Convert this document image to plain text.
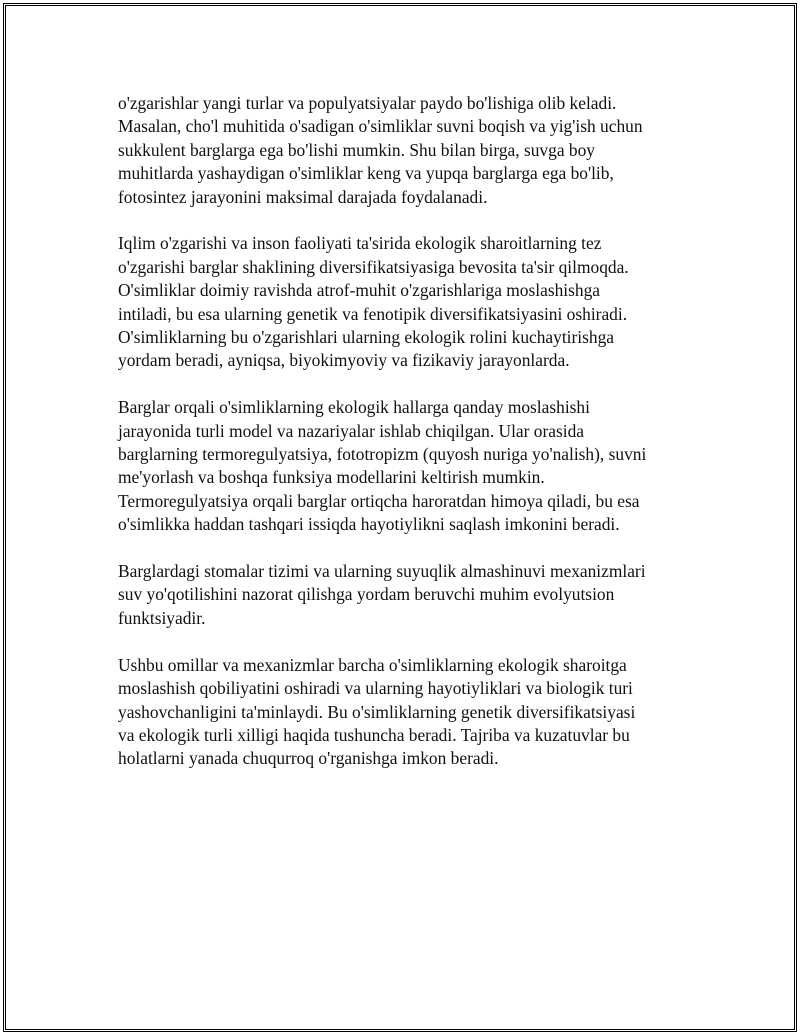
o'zgarishlar yangi turlar va populyatsiyalar paydo bo'lishiga olib keladi.
Masalan, cho'l muhitida o'sadigan o'simliklar suvni boqish va yig'ish uchun
sukkulent barglarga ega bo'lishi mumkin. Shu bilan birga, suvga boy
muhitlarda yashaydigan o'simliklar keng va yupqa barglarga ega bo'lib,
fotosintez jarayonini maksimal darajada foydalanadi.

Iqlim o'zgarishi va inson faoliyati ta'sirida ekologik sharoitlarning tez
o'zgarishi barglar shaklining diversifikatsiyasiga bevosita ta'sir qilmoqda.
O'simliklar doimiy ravishda atrof-muhit o'zgarishlariga moslashishga
intiladi, bu esa ularning genetik va fenotipik diversifikatsiyasini oshiradi.
O'simliklarning bu o'zgarishlari ularning ekologik rolini kuchaytirishga
yordam beradi, ayniqsa, biyokimyoviy va fizikaviy jarayonlarda.

Barglar orqali o'simliklarning ekologik hallarga qanday moslashishi
jarayonida turli model va nazariyalar ishlab chiqilgan. Ular orasida
barglarning termoregulyatsiya, fototropizm (quyosh nuriga yo'nalish), suvni
me'yorlash va boshqa funksiya modellarini keltirish mumkin.
Termoregulyatsiya orqali barglar ortiqcha haroratdan himoya qiladi, bu esa
o'simlikka haddan tashqari issiqda hayotiylikni saqlash imkonini beradi.

Barglardagi stomalar tizimi va ularning suyuqlik almashinuvi mexanizmlari
suv yo'qotilishini nazorat qilishga yordam beruvchi muhim evolyutsion
funktsiyadir.

Ushbu omillar va mexanizmlar barcha o'simliklarning ekologik sharoitga
moslashish qobiliyatini oshiradi va ularning hayotiyliklari va biologik turi
yashovchanligini ta'minlaydi. Bu o'simliklarning genetik diversifikatsiyasi
va ekologik turli xilligi haqida tushuncha beradi. Tajriba va kuzatuvlar bu
holatlarni yanada chuqurroq o'rganishga imkon beradi.
